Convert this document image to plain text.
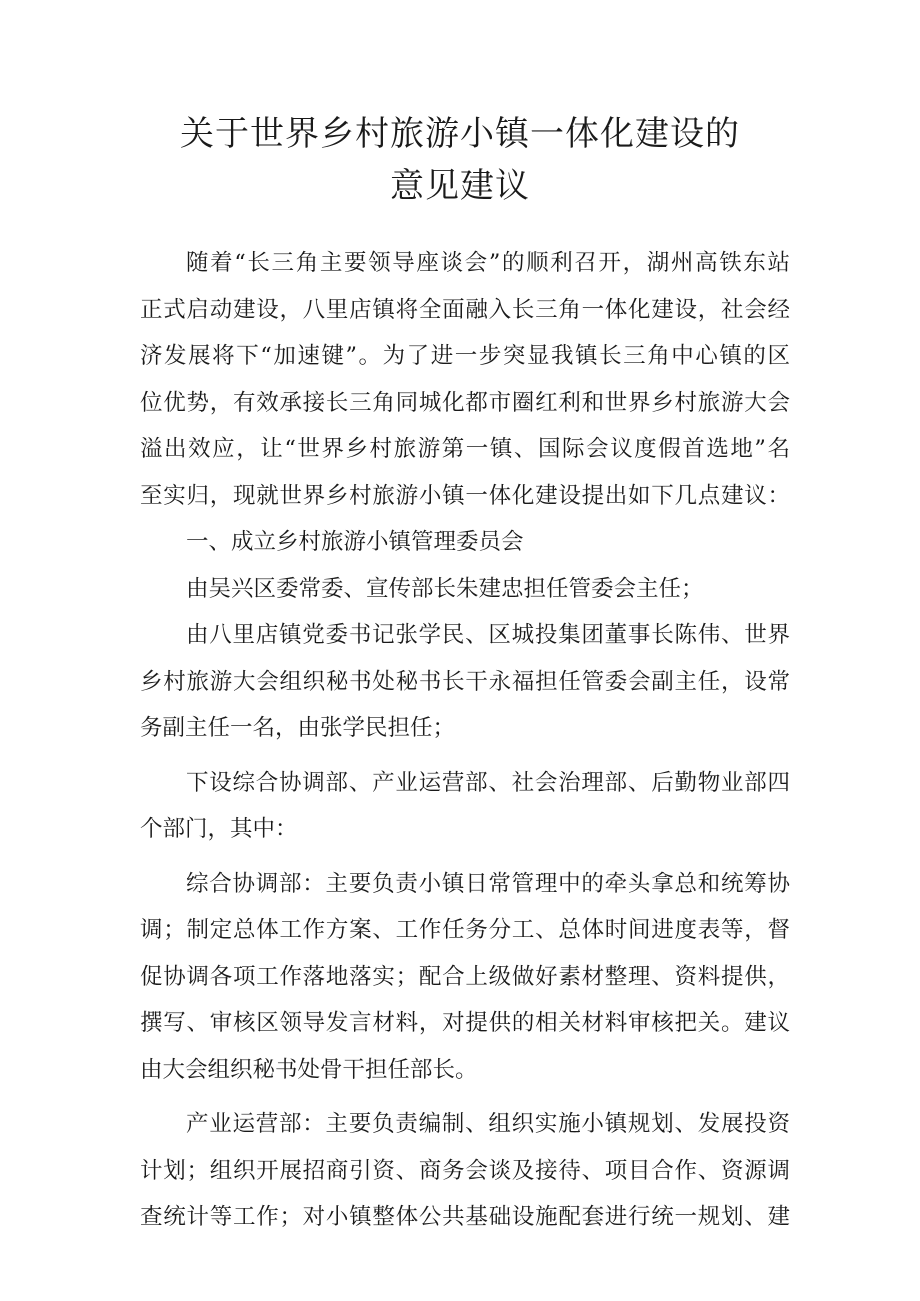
关于世界乡村旅游小镇一体化建设的
意见建议
随着“长三角主要领导座谈会”的顺利召开，湖州高铁东站
正式启动建设，八里店镇将全面融入长三角一体化建设，社会经
济发展将下“加速键”。为了进一步突显我镇长三角中心镇的区
位优势，有效承接长三角同城化都市圈红利和世界乡村旅游大会
溢出效应，让“世界乡村旅游第一镇、国际会议度假首选地”名
至实归，现就世界乡村旅游小镇一体化建设提出如下几点建议：
一、成立乡村旅游小镇管理委员会
由吴兴区委常委、宣传部长朱建忠担任管委会主任；
由八里店镇党委书记张学民、区城投集团董事长陈伟、世界
乡村旅游大会组织秘书处秘书长干永福担任管委会副主任，设常
务副主任一名，由张学民担任；
下设综合协调部、产业运营部、社会治理部、后勤物业部四
个部门，其中：
综合协调部：主要负责小镇日常管理中的牵头拿总和统筹协
调；制定总体工作方案、工作任务分工、总体时间进度表等，督
促协调各项工作落地落实；配合上级做好素材整理、资料提供，
撰写、审核区领导发言材料，对提供的相关材料审核把关。建议
由大会组织秘书处骨干担任部长。
产业运营部：主要负责编制、组织实施小镇规划、发展投资
计划；组织开展招商引资、商务会谈及接待、项目合作、资源调
查统计等工作；对小镇整体公共基础设施配套进行统一规划、建
